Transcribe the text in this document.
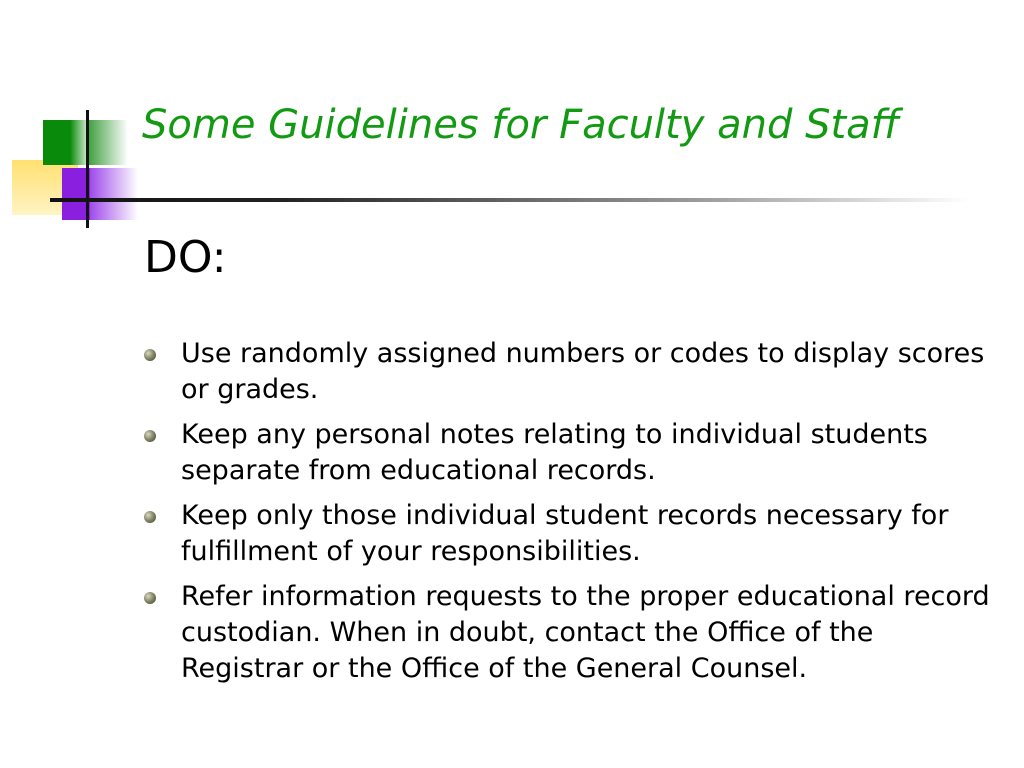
Some Guidelines for Faculty and Staff
DO:
Use randomly assigned numbers or codes to display scores or grades.
Keep any personal notes relating to individual students separate from educational records.
Keep only those individual student records necessary for fulfillment of your responsibilities.
Refer information requests to the proper educational record custodian. When in doubt, contact the Office of the Registrar or the Office of the General Counsel.
